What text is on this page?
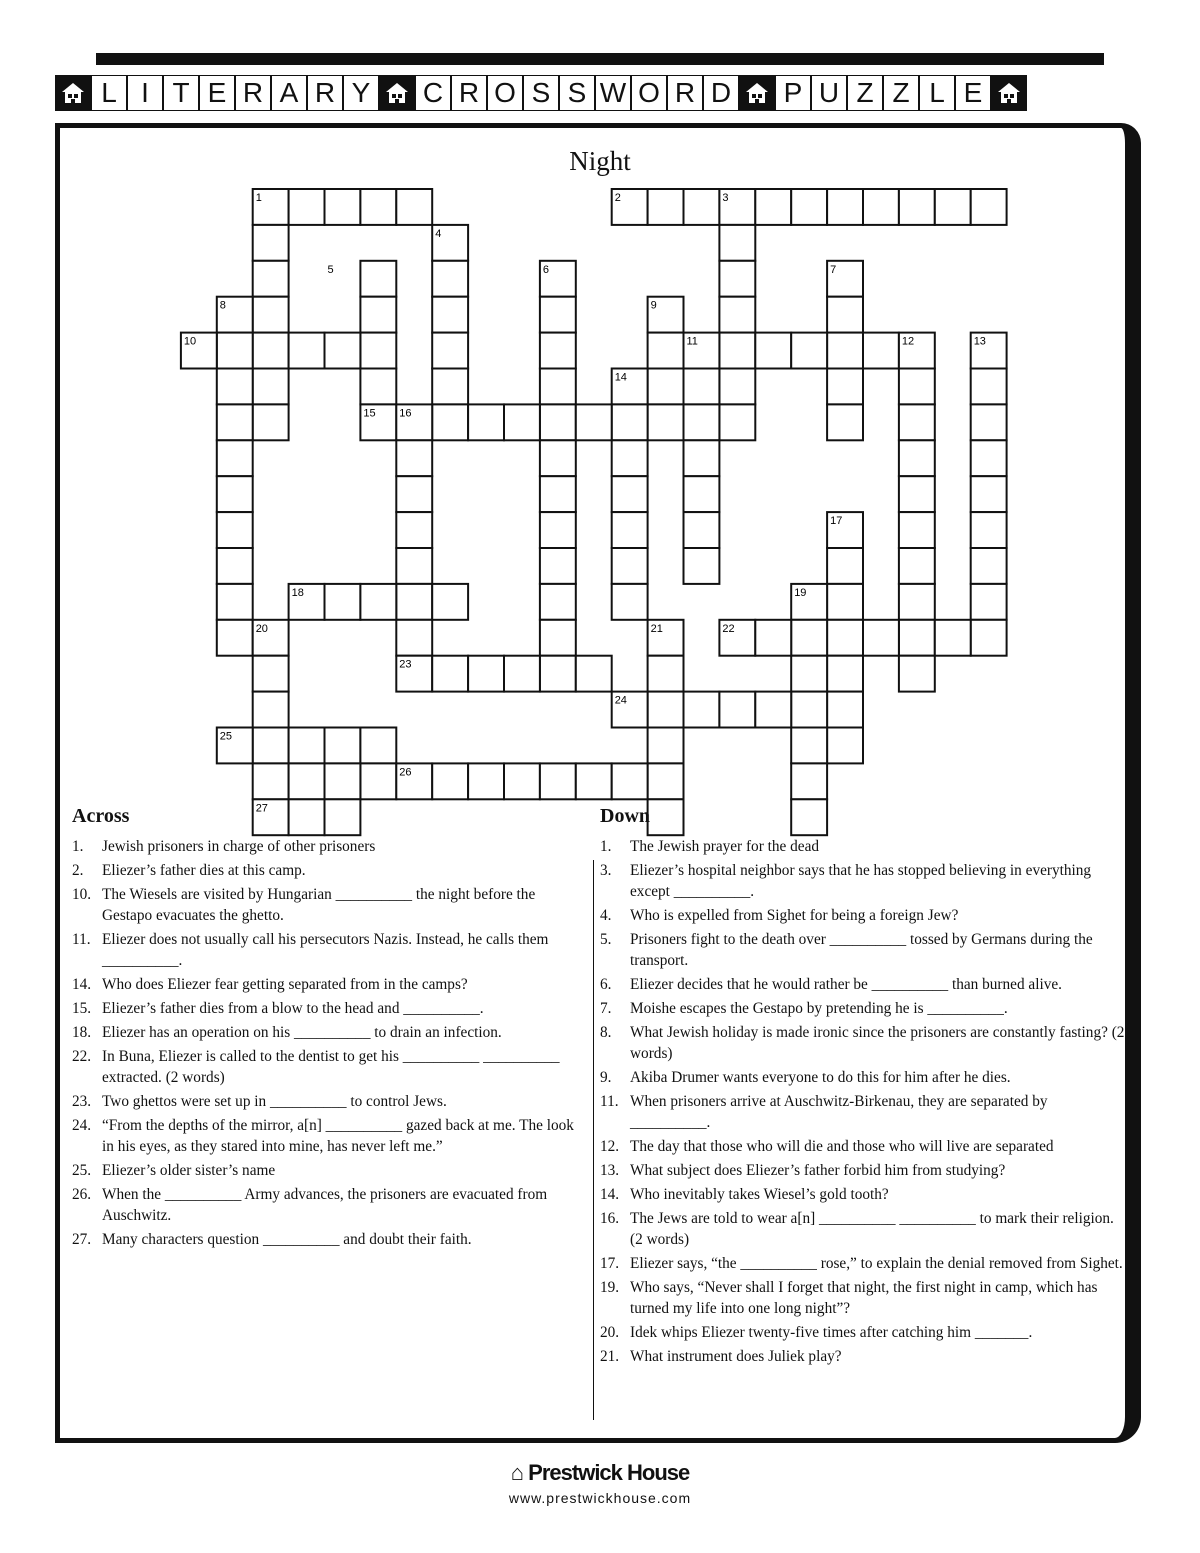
L I T E R A R Y	C R O S S W O R D	P U Z Z L E
Night
1	2	3
4
5	6	7
8	9
10	11	12	13
14
15 16
17
18	19
20	21	22
23
24
25
26
27
Across
1.	Jewish prisoners in charge of other prisoners
2.	Eliezer’s father dies at this camp.
10. The Wiesels are visited by Hungarian __________ the night before the Gestapo evacuates the ghetto.
11. Eliezer does not usually call his persecutors Nazis. Instead, he calls them __________.
14. Who does Eliezer fear getting separated from in the camps?
15. Eliezer’s father dies from a blow to the head and __________.
18. Eliezer has an operation on his __________ to drain an infection.
22. In Buna, Eliezer is called to the dentist to get his __________ __________ extracted. (2 words)
23. Two ghettos were set up in __________ to control Jews.
24. “From the depths of the mirror, a[n] __________ gazed back at me. The look in his eyes, as they stared into mine, has never left me.”
25. Eliezer’s older sister’s name
26. When the __________ Army advances, the prisoners are evacuated from Auschwitz.
27. Many characters question __________ and doubt their faith.
Down
1.	The Jewish prayer for the dead
3.	Eliezer’s hospital neighbor says that he has stopped believing in everything except __________.
4.	Who is expelled from Sighet for being a foreign Jew?
5.	Prisoners fight to the death over __________ tossed by Germans during the transport.
6.	Eliezer decides that he would rather be __________ than burned alive.
7.	Moishe escapes the Gestapo by pretending he is __________.
8.	What Jewish holiday is made ironic since the prisoners are constantly fasting? (2 words)
9.	Akiba Drumer wants everyone to do this for him after he dies.
11. When prisoners arrive at Auschwitz-Birkenau, they are separated by __________.
12. The day that those who will die and those who will live are separated
13. What subject does Eliezer’s father forbid him from studying?
14. Who inevitably takes Wiesel’s gold tooth?
16. The Jews are told to wear a[n] __________ __________ to mark their religion. (2 words)
17. Eliezer says, “the __________ rose,” to explain the denial removed from Sighet.
19. Who says, “Never shall I forget that night, the first night in camp, which has turned my life into one long night”?
20. Idek whips Eliezer twenty-five times after catching him _______.
21. What instrument does Juliek play?
⌂ Prestwick House
www.prestwickhouse.com
